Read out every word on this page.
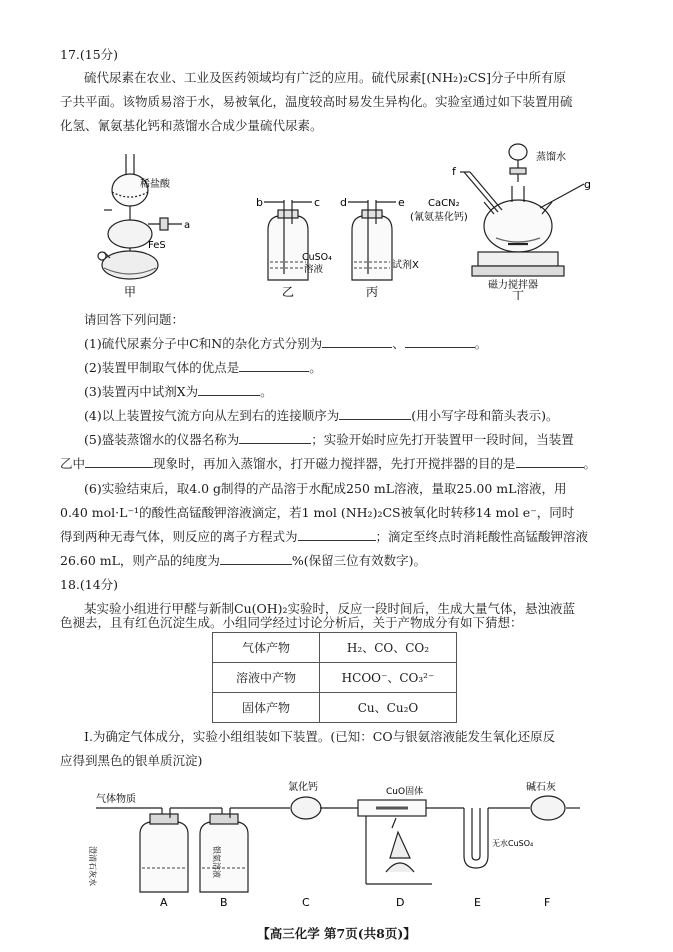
17.(15分)
硫代尿素在农业、工业及医药领域均有广泛的应用。硫代尿素[(NH₂)₂CS]分子中所有原
子共平面。该物质易溶于水，易被氧化，温度较高时易发生异构化。实验室通过如下装置用硫
化氢、氰氨基化钙和蒸馏水合成少量硫代尿素。
稀盐酸
a
FeS
甲
b	c
CuSO₄
溶液
乙
d	e
试剂X
丙
蒸馏水
f
g
CaCN₂
(氰氨基化钙)
磁力搅拌器
丁
请回答下列问题：
(1)硫代尿素分子中C和N的杂化方式分别为	、	。
(2)装置甲制取气体的优点是	。
(3)装置丙中试剂X为	。
(4)以上装置按气流方向从左到右的连接顺序为	(用小写字母和箭头表示)。
(5)盛装蒸馏水的仪器名称为	；实验开始时应先打开装置甲一段时间，当装置
乙中	现象时，再加入蒸馏水，打开磁力搅拌器，先打开搅拌器的目的是	。
(6)实验结束后，取4.0 g制得的产品溶于水配成250 mL溶液，量取25.00 mL溶液，用
0.40 mol·L⁻¹的酸性高锰酸钾溶液滴定，若1 mol (NH₂)₂CS被氧化时转移14 mol e⁻，同时
得到两种无毒气体，则反应的离子方程式为	；滴定至终点时消耗酸性高锰酸钾溶液
26.60 mL，则产品的纯度为	%(保留三位有效数字)。
18.(14分)
某实验小组进行甲醛与新制Cu(OH)₂实验时，反应一段时间后，生成大量气体，悬浊液蓝
气体产物	H₂、CO、CO₂
溶液中产物	HCOO⁻、CO₃²⁻
固体产物	Cu、Cu₂O
色褪去，且有红色沉淀生成。小组同学经过讨论分析后，关于产物成分有如下猜想：
Ⅰ.为确定气体成分，实验小组组装如下装置。(已知：CO与银氨溶液能发生氧化还原反
应得到黑色的银单质沉淀)
气体物质
氯化钙	CuO固体	碱石灰
无水CuSO₄
澄清石灰水	银氨溶液
A	B	C	D	E	F
【高三化学 第7页(共8页)】
